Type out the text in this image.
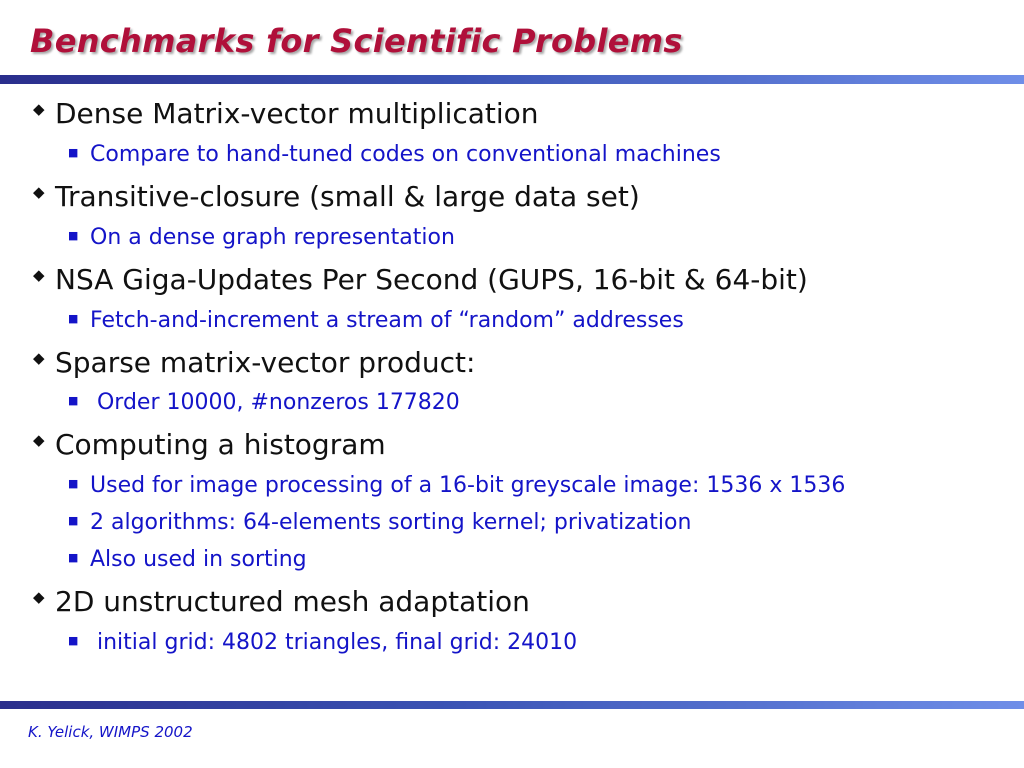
Benchmarks for Scientific Problems
◆ Dense Matrix-vector multiplication
■ Compare to hand-tuned codes on conventional machines
◆ Transitive-closure (small & large data set)
■ On a dense graph representation
◆ NSA Giga-Updates Per Second (GUPS, 16-bit & 64-bit)
■ Fetch-and-increment a stream of “random” addresses
◆ Sparse matrix-vector product:
■ Order 10000, #nonzeros 177820
◆ Computing a histogram
■ Used for image processing of a 16-bit greyscale image: 1536 x 1536
■ 2 algorithms: 64-elements sorting kernel; privatization
■ Also used in sorting
◆ 2D unstructured mesh adaptation
■ initial grid: 4802 triangles, final grid: 24010
K. Yelick, WIMPS 2002
